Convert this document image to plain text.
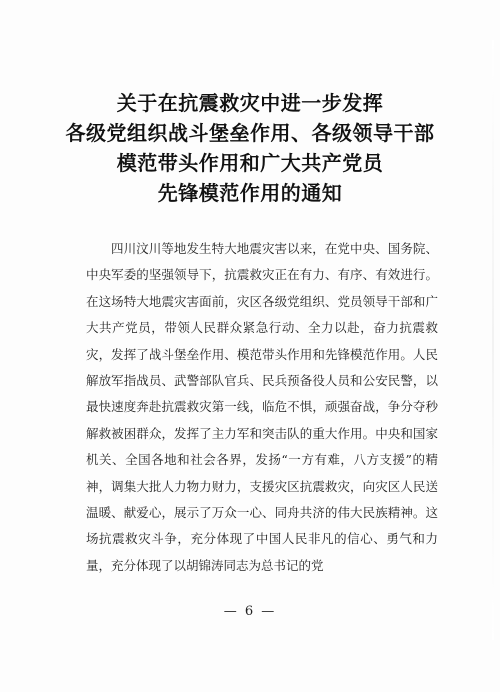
关于在抗震救灾中进一步发挥
各级党组织战斗堡垒作用、各级领导干部
模范带头作用和广大共产党员
先锋模范作用的通知

四川汶川等地发生特大地震灾害以来，在党中央、国务院、中央军委的坚强领导下，抗震救灾正在有力、有序、有效进行。在这场特大地震灾害面前，灾区各级党组织、党员领导干部和广大共产党员，带领人民群众紧急行动、全力以赴，奋力抗震救灾，发挥了战斗堡垒作用、模范带头作用和先锋模范作用。人民解放军指战员、武警部队官兵、民兵预备役人员和公安民警，以最快速度奔赴抗震救灾第一线，临危不惧，顽强奋战，争分夺秒解救被困群众，发挥了主力军和突击队的重大作用。中央和国家机关、全国各地和社会各界，发扬“一方有难，八方支援”的精神，调集大批人力物力财力，支援灾区抗震救灾，向灾区人民送温暖、献爱心，展示了万众一心、同舟共济的伟大民族精神。这场抗震救灾斗争，充分体现了中国人民非凡的信心、勇气和力量，充分体现了以胡锦涛同志为总书记的党

— 6 —
